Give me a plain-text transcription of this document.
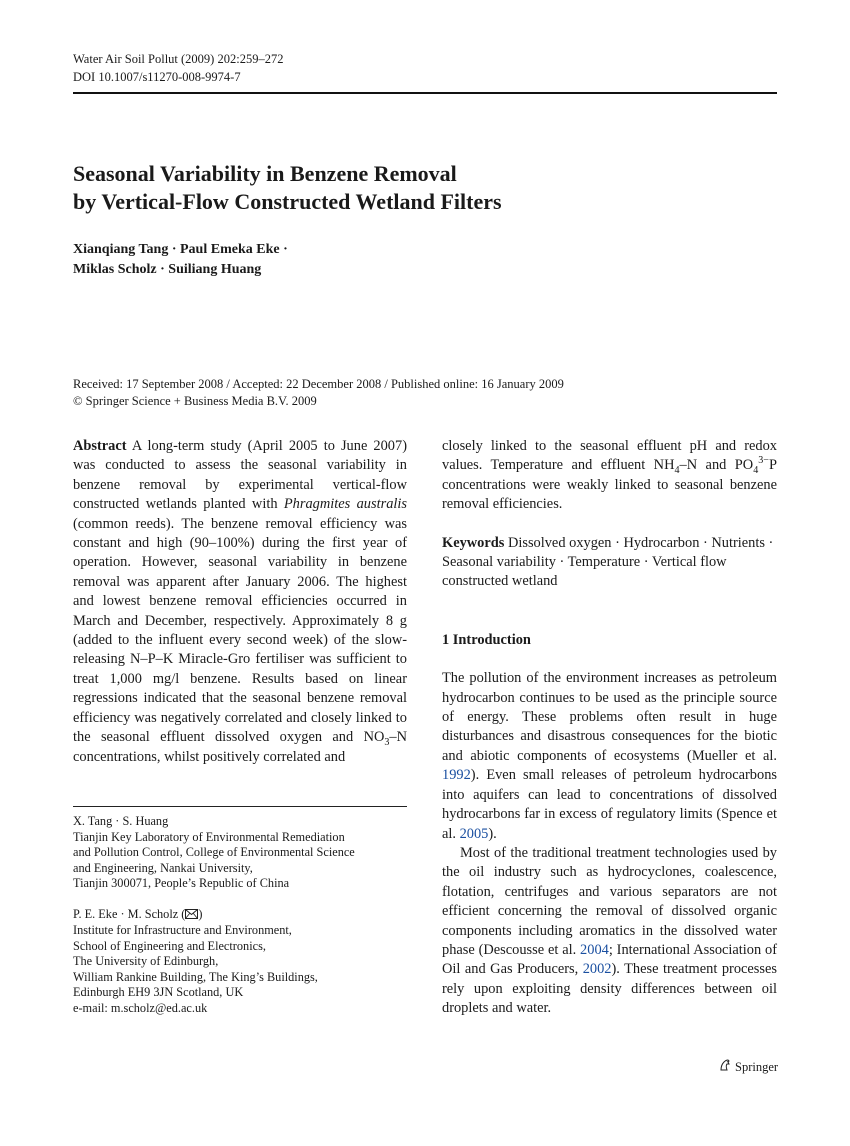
Water Air Soil Pollut (2009) 202:259–272
DOI 10.1007/s11270-008-9974-7
Seasonal Variability in Benzene Removal
by Vertical-Flow Constructed Wetland Filters
Xianqiang Tang · Paul Emeka Eke ·
Miklas Scholz · Suiliang Huang
Received: 17 September 2008 / Accepted: 22 December 2008 / Published online: 16 January 2009
© Springer Science + Business Media B.V. 2009

Abstract A long-term study (April 2005 to June 2007) was conducted to assess the seasonal variability in benzene removal by experimental vertical-flow constructed wetlands planted with Phragmites australis (common reeds). The benzene removal efficiency was constant and high (90–100%) during the first year of operation. However, seasonal variability in benzene removal was apparent after January 2006. The highest and lowest benzene removal efficiencies occurred in March and December, respectively. Approximately 8 g (added to the influent every second week) of the slow-releasing N–P–K Miracle-Gro fertiliser was sufficient to treat 1,000 mg/l benzene. Results based on linear regressions indicated that the seasonal benzene removal efficiency was negatively correlated and closely linked to the seasonal effluent dissolved oxygen and $NO_3-N$ concentrations, whilst positively correlated and

X. Tang · S. Huang

Tianjin Key Laboratory of Environmental Remediation

and Pollution Control, College of Environmental Science

and Engineering, Nankai University,

Tianjin 300071, People’s Republic of China

P. E. Eke · M. Scholz ( )

Institute for Infrastructure and Environment,

School of Engineering and Electronics,

The University of Edinburgh,

William Rankine Building, The King’s Buildings,

Edinburgh EH9 3JN Scotland, UK

e-mail: m.scholz@ed.ac.uk

closely linked to the seasonal effluent pH and redox values. Temperature and effluent $NH_4-N$ and $PO_4^{3-}P$ concentrations were weakly linked to seasonal benzene removal efficiencies.

Keywords Dissolved oxygen · Hydrocarbon · Nutrients · Seasonal variability · Temperature · Vertical flow constructed wetland

1 Introduction

The pollution of the environment increases as petroleum hydrocarbon continues to be used as the principle source of energy. These problems often result in huge disturbances and disastrous consequences for the biotic and abiotic components of ecosystems (Mueller et al. 1992). Even small releases of petroleum hydrocarbons into aquifers can lead to concentrations of dissolved hydrocarbons far in excess of regulatory limits (Spence et al. 2005).

Most of the traditional treatment technologies used by the oil industry such as hydrocyclones, coalescence, flotation, centrifuges and various separators are not efficient concerning the removal of dissolved organic components including aromatics in the dissolved water phase (Descousse et al. 2004; International Association of Oil and Gas Producers, 2002). These treatment processes rely upon exploiting density differences between oil droplets and water.

Springer
